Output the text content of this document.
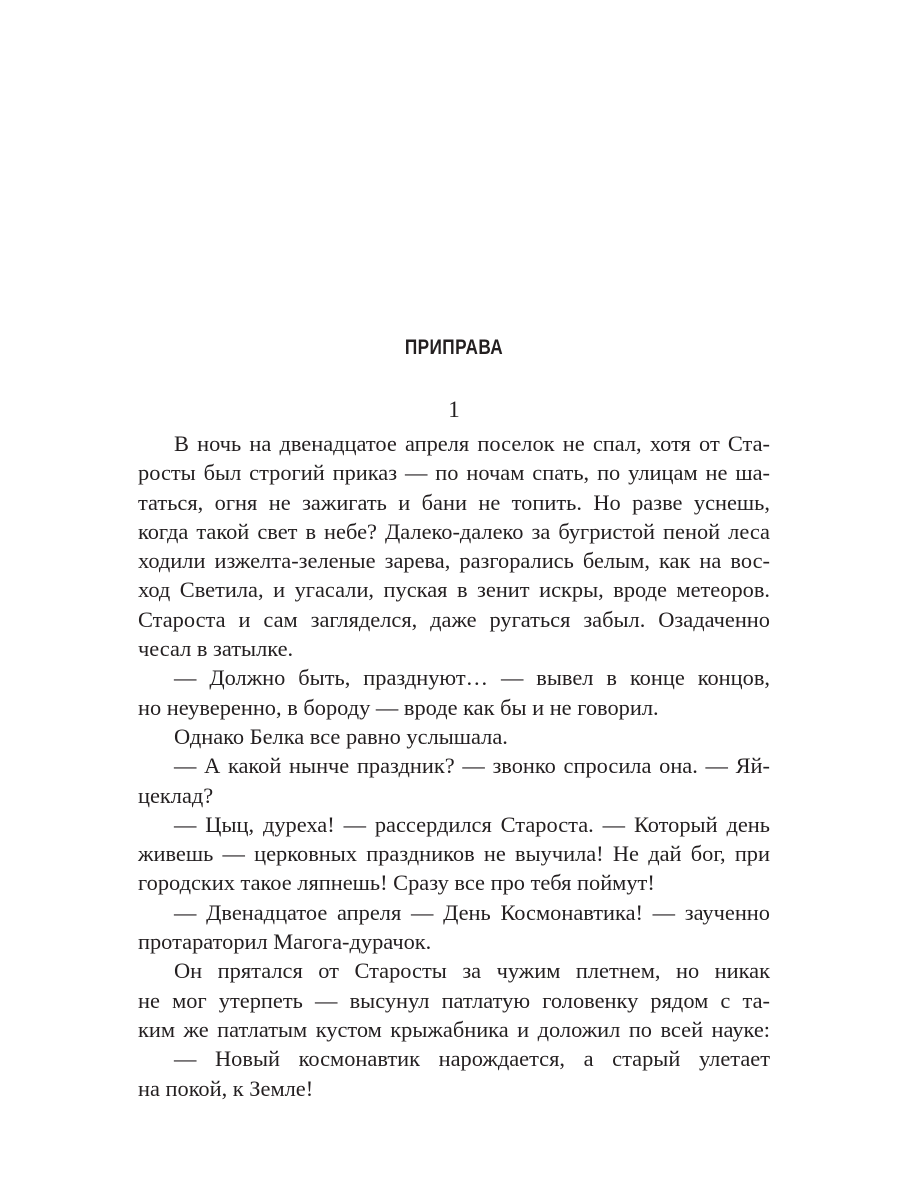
ПРИПРАВА
1
В ночь на двенадцатое апреля поселок не спал, хотя от Ста-
росты был строгий приказ — по ночам спать, по улицам не ша-
таться, огня не зажигать и бани не топить. Но разве уснешь,
когда такой свет в небе? Далеко-далеко за бугристой пеной леса
ходили изжелта-зеленые зарева, разгорались белым, как на вос-
ход Светила, и угасали, пуская в зенит искры, вроде метеоров.
Староста и сам загляделся, даже ругаться забыл. Озадаченно
чесал в затылке.
— Должно быть, празднуют… — вывел в конце концов,
но неуверенно, в бороду — вроде как бы и не говорил.
Однако Белка все равно услышала.
— А какой нынче праздник? — звонко спросила она. — Яй-
цеклад?
— Цыц, дуреха! — рассердился Староста. — Который день
живешь — церковных праздников не выучила! Не дай бог, при
городских такое ляпнешь! Сразу все про тебя поймут!
— Двенадцатое апреля — День Космонавтика! — заученно
протараторил Магога-дурачок.
Он прятался от Старосты за чужим плетнем, но никак
не мог утерпеть — высунул патлатую головенку рядом с та-
ким же патлатым кустом крыжабника и доложил по всей науке:
— Новый космонавтик нарождается, а старый улетает
на покой, к Земле!
